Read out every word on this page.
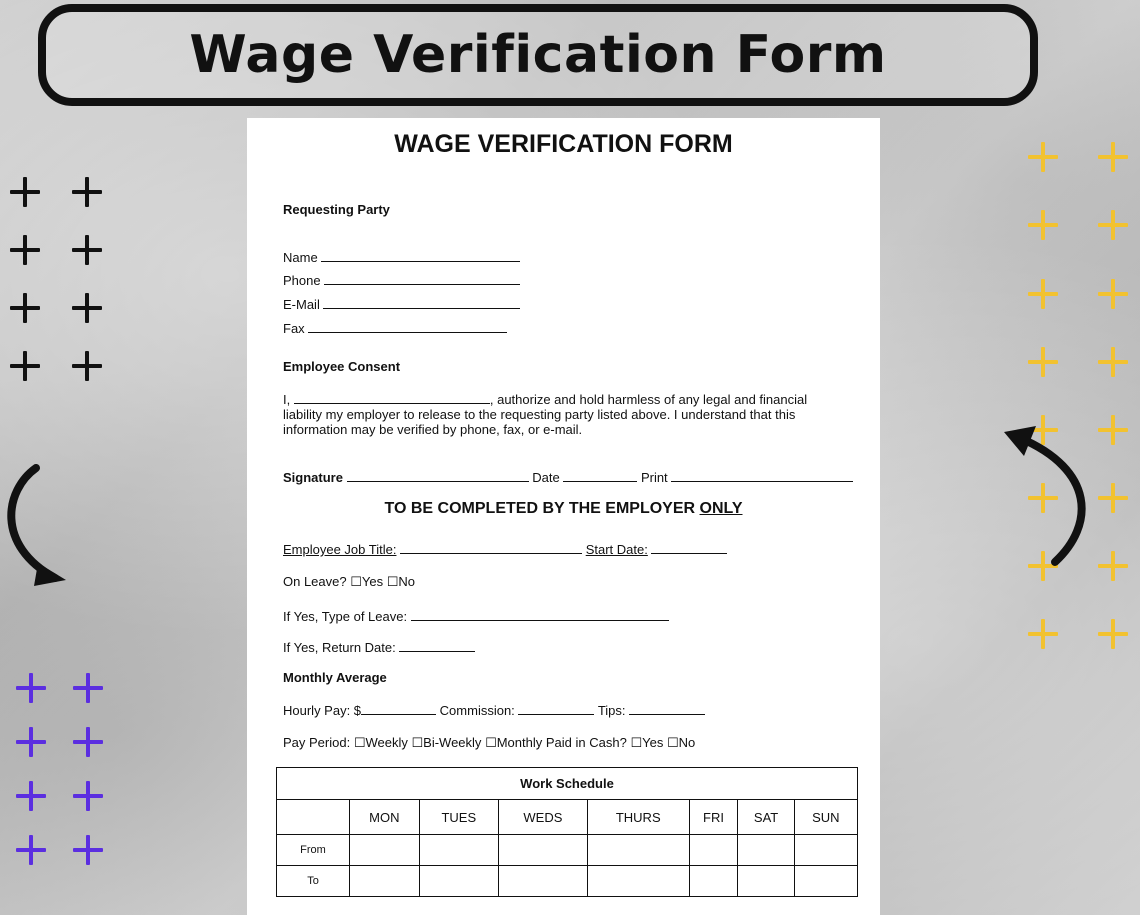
Wage Verification Form
WAGE VERIFICATION FORM
Requesting Party
Name
Phone
E-Mail
Fax
Employee Consent
I,	, authorize and hold harmless of any legal and financial
liability my employer to release to the requesting party listed above. I understand that this
information may be verified by phone, fax, or e-mail.
Signature	Date	Print
TO BE COMPLETED BY THE EMPLOYER ONLY
Employee Job Title:	Start Date:
On Leave? ☐Yes ☐No
If Yes, Type of Leave:
If Yes, Return Date:
Monthly Average
Hourly Pay: $	Commission:	Tips:
Pay Period: ☐Weekly ☐Bi-Weekly ☐Monthly Paid in Cash? ☐Yes ☐No
Work Schedule							
	MON	TUES	WEDS	THURS	FRI	SAT	SUN
From							
To							
